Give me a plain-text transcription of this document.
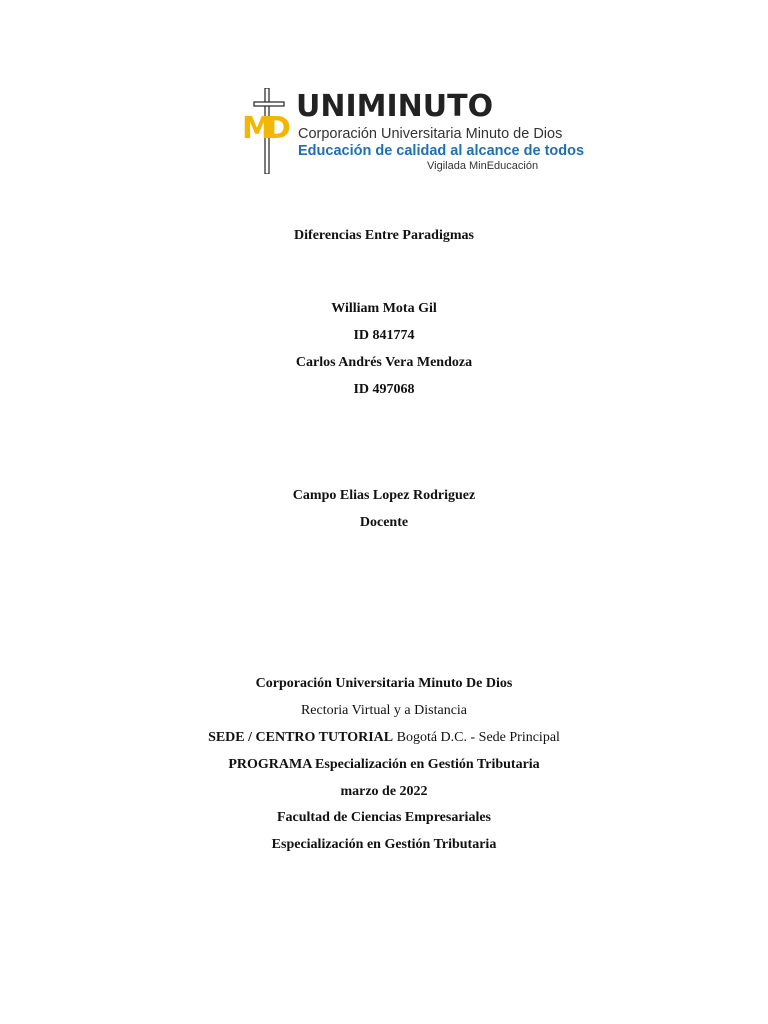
M
D
UNIMINUTO
Corporación Universitaria Minuto de Dios
Educación de calidad al alcance de todos
Vigilada MinEducación
Diferencias Entre Paradigmas
William Mota Gil
ID 841774
Carlos Andrés Vera Mendoza
ID 497068
Campo Elias Lopez Rodriguez
Docente
Corporación Universitaria Minuto De Dios
Rectoria Virtual y a Distancia
SEDE / CENTRO TUTORIAL Bogotá D.C. - Sede Principal
PROGRAMA Especialización en Gestión Tributaria
marzo de 2022
Facultad de Ciencias Empresariales
Especialización en Gestión Tributaria
